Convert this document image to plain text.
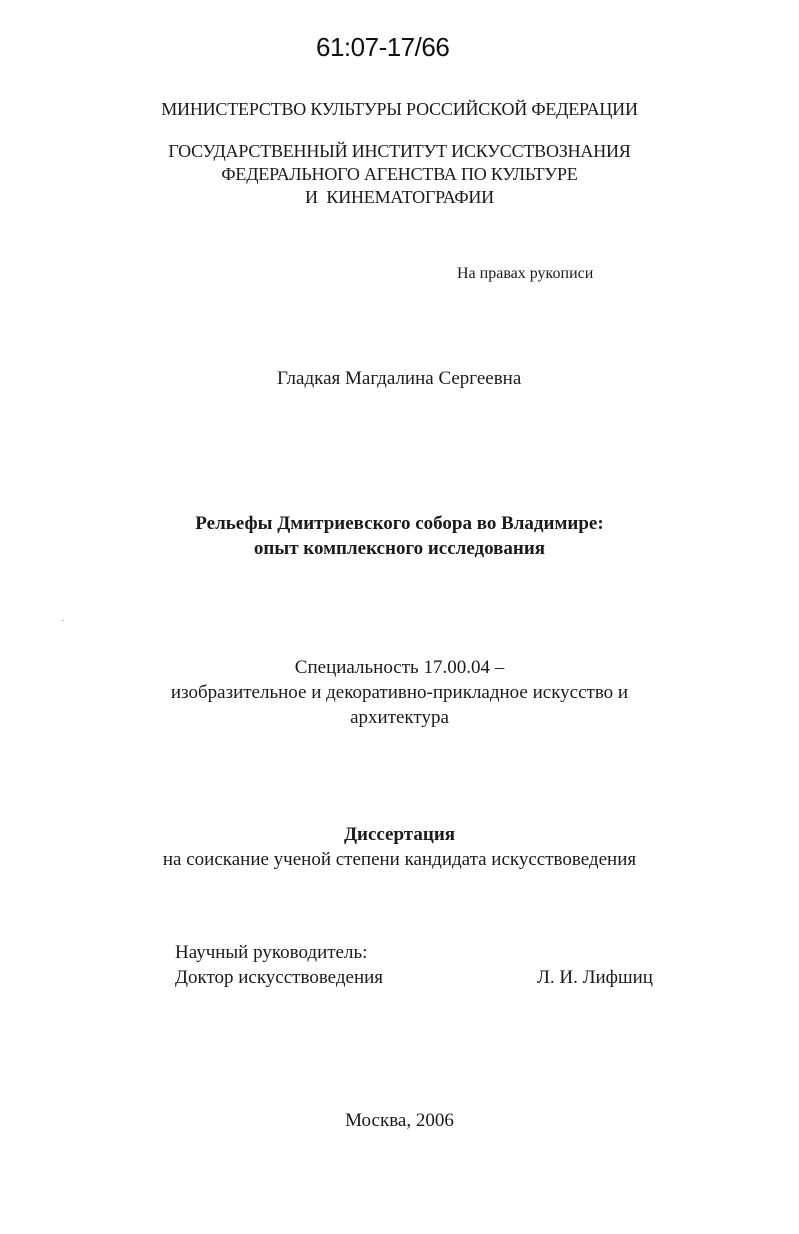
61:07-17/66
МИНИСТЕРСТВО КУЛЬТУРЫ РОССИЙСКОЙ ФЕДЕРАЦИИ
ГОСУДАРСТВЕННЫЙ ИНСТИТУТ ИСКУССТВОЗНАНИЯ
ФЕДЕРАЛЬНОГО АГЕНСТВА ПО КУЛЬТУРЕ
И  КИНЕМАТОГРАФИИ
На правах рукописи
Гладкая Магдалина Сергеевна
Рельефы Дмитриевского собора во Владимире:
опыт комплексного исследования
Специальность 17.00.04 –
изобразительное и декоративно-прикладное искусство и
архитектура
Диссертация
на соискание ученой степени кандидата искусствоведения
Научный руководитель:
Доктор искусствоведения	Л. И. Лифшиц
Москва, 2006
